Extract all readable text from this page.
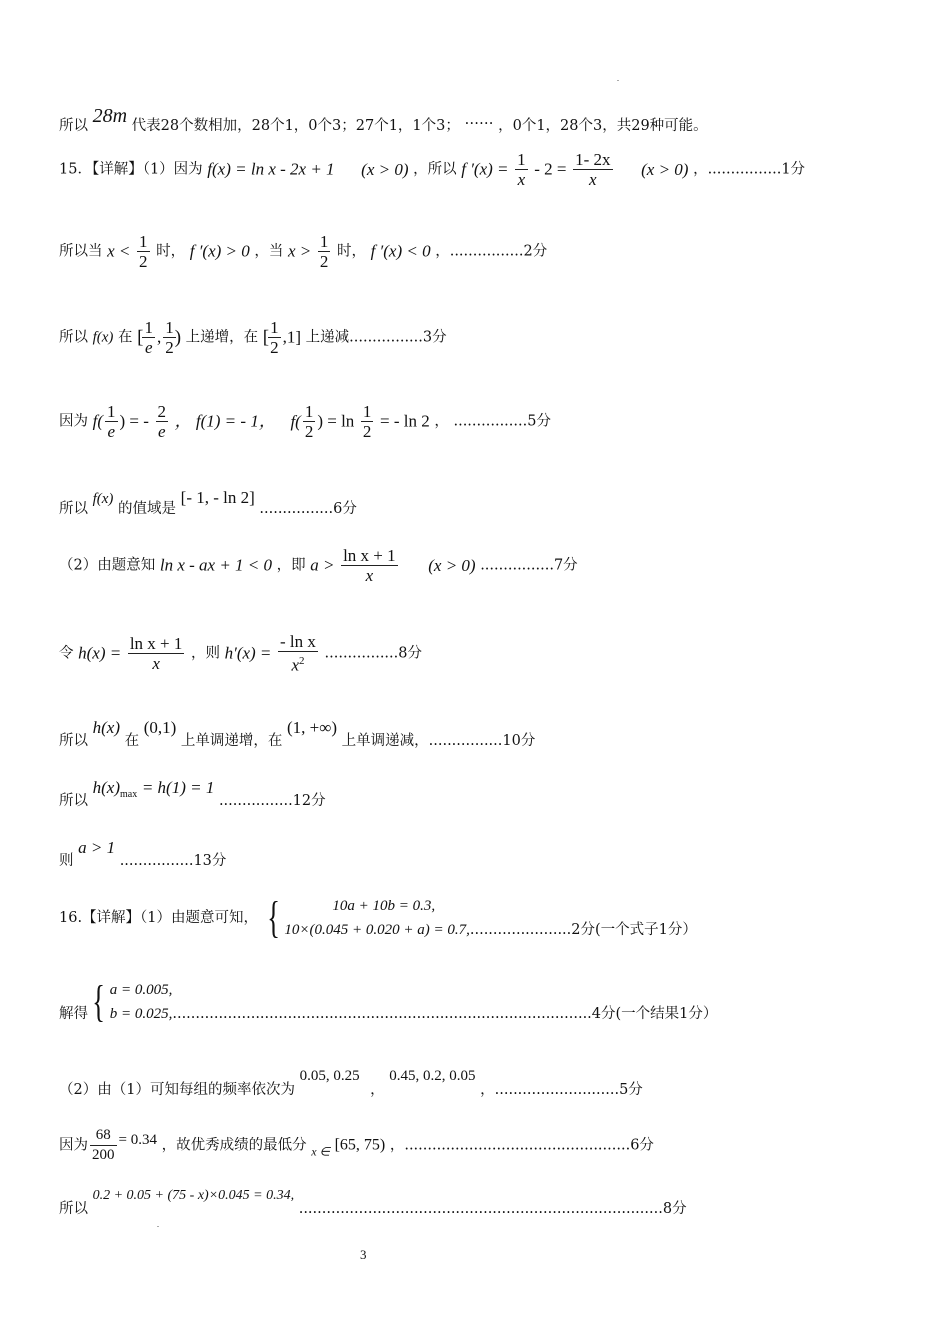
所以 28m 代表28个数相加，28个1，0个3；27个1，1个3； …… ，0个1，28个3，共29种可能。
15．【详解】（1）因为 f(x) = ln x - 2x + 1 (x > 0) ，所以 f $'(x) = \frac{1}{x} - 2 = \frac{1- 2x}{x} (x > 0)$ ，................1分
所以当 $x < \frac{1}{2}$ 时， f ′(x) > 0 ，当 $x > \frac{1}{2}$ 时， f ′(x) < 0 ，................2分
所以 f(x) 在 [ $\frac{1}{e}$ , $\frac{1}{2}$ ) 上递增，在 [ $\frac{1}{2} ,1$] 上递减................3分
因为 $f( \frac{1}{e}$ ) = - $\frac{2}{e}$ ， f(1) = - 1， $f( \frac{1}{2}$ ) = $\ln \frac{1}{2}$ = - ln 2 ， ................5分
所以 f(x) 的值域是 [- 1, - ln 2] ................6分
（2）由题意知 ln x - ax + 1 < 0 ，即 $a > \frac{\text{ln x + 1}}{x} (x > 0)$ ................7分
令 $h(x) = \frac{\text{ln x + 1}}{x}$ ，则 $h'(x) = \frac{\text{- ln x}}{x^2} ................8$分
所以 h(x) 在 (0,1) 上单调递增，在 (1, +∞) 上单调递减，................10分
所以 $h(x)_{max} = h(1) = 1$ ................12分
则 a > 1 ................13分
16.【详解】（1）由题意可知， {	10a + 10b = 0.3,
10×(0.045 + 0.020 + a) = 0.7,......................2分(一个式子1分）
解得{ a = 0.005,
b = 0.025,...........................................................................................4分(一个结果1分）
（2）由（1）可知每组的频率依次为 0.05, 0.25 ， 0.45, 0.2, 0.05 ，...........................5分
因为 $\frac{68}{200} = 0.34$ ，故优秀成绩的最低分 $_{x \in}$ [65, 75) ，.................................................6分
所以 0.2 + 0.05 + (75 - x)×0.045 = 0.34, ...............................................................................8分
3
